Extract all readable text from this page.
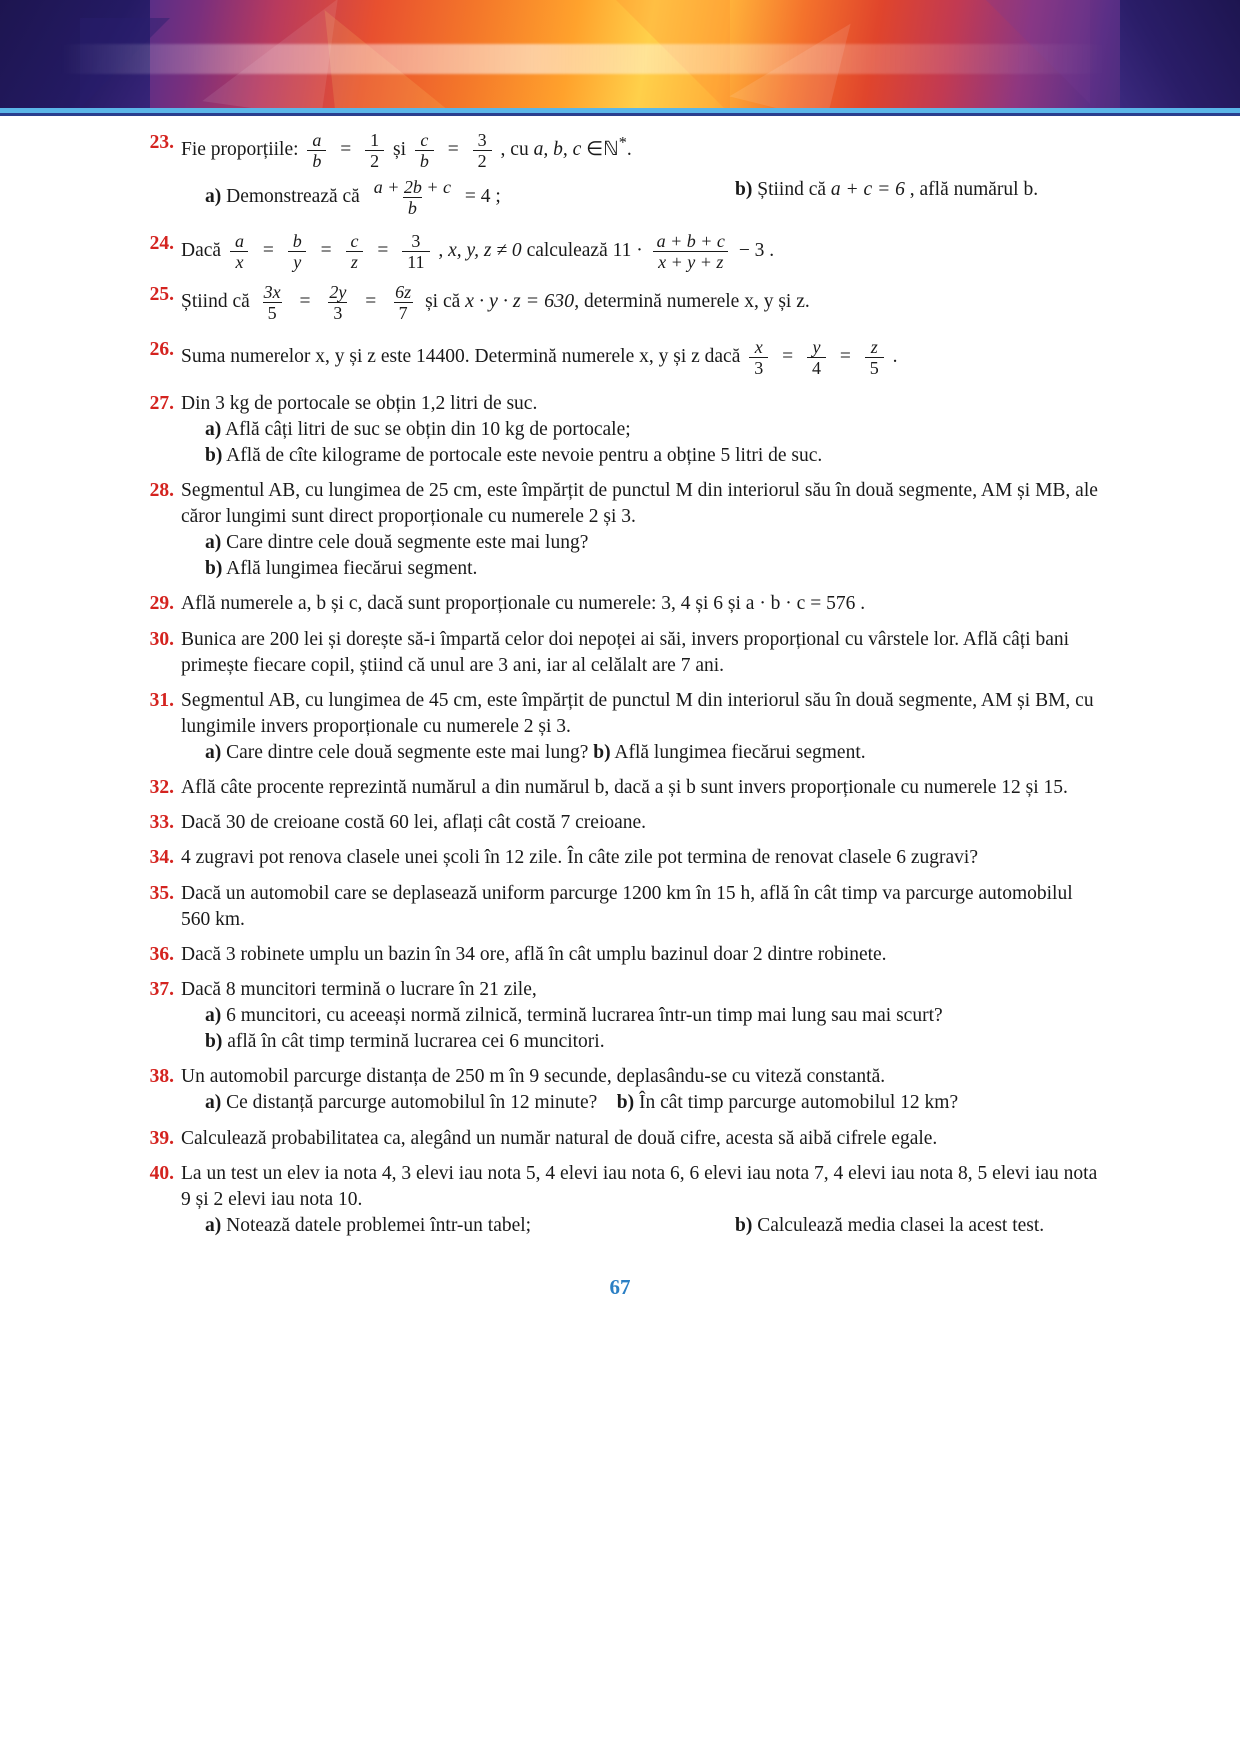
23. Fie proporțiile: $\frac{a}{b} = \frac{1}{2}$ și $\frac{c}{b} = \frac{3}{2}$ , cu a, b, c ∈ℕ*.
a) Demonstrează că $\frac{a + 2b + c}{b} = 4$ ;	b) Știind că a + c = 6 , află numărul b.
24. Dacă $\frac{a}{x} = \frac{b}{y} = \frac{c}{z} = \frac{3}{11}$ , x, y, z ≠ 0 calculează $11 \cdot \frac{a + b + c}{x + y + z} - 3$ .
25. Știind că $\frac{3x}{5} = \frac{2y}{3} = \frac{6z}{7}$ și că x · y · z = 630, determină numerele x, y și z.
26. Suma numerelor x, y și z este 14400. Determină numerele x, y și z dacă $\frac{x}{3} = \frac{y}{4} = \frac{z}{5}$ .
27. Din 3 kg de portocale se obțin 1,2 litri de suc.
a) Află câți litri de suc se obțin din 10 kg de portocale;
b) Află de cîte kilograme de portocale este nevoie pentru a obține 5 litri de suc.
28. Segmentul AB, cu lungimea de 25 cm, este împărțit de punctul M din interiorul său în două segmente, AM și MB, ale căror lungimi sunt direct proporționale cu numerele 2 și 3.
a) Care dintre cele două segmente este mai lung?
b) Află lungimea fiecărui segment.
29. Află numerele a, b și c, dacă sunt proporționale cu numerele: 3, 4 și 6 și a · b · c = 576 .
30. Bunica are 200 lei și dorește să-i împartă celor doi nepoței ai săi, invers proporțional cu vârstele lor. Află câți bani primește fiecare copil, știind că unul are 3 ani, iar al celălalt are 7 ani.
31. Segmentul AB, cu lungimea de 45 cm, este împărțit de punctul M din interiorul său în două segmente, AM și BM, cu lungimile invers proporționale cu numerele 2 și 3.
a) Care dintre cele două segmente este mai lung? b) Află lungimea fiecărui segment.
32. Află câte procente reprezintă numărul a din numărul b, dacă a și b sunt invers proporționale cu numerele 12 și 15.
33. Dacă 30 de creioane costă 60 lei, aflați cât costă 7 creioane.
34. 4 zugravi pot renova clasele unei școli în 12 zile. În câte zile pot termina de renovat clasele 6 zugravi?
35. Dacă un automobil care se deplasează uniform parcurge 1200 km în 15 h, află în cât timp va parcurge automobilul 560 km.
36. Dacă 3 robinete umplu un bazin în 34 ore, află în cât umplu bazinul doar 2 dintre robinete.
37. Dacă 8 muncitori termină o lucrare în 21 zile,
a) 6 muncitori, cu aceeași normă zilnică, termină lucrarea într-un timp mai lung sau mai scurt?
b) află în cât timp termină lucrarea cei 6 muncitori.
38. Un automobil parcurge distanța de 250 m în 9 secunde, deplasându-se cu viteză constantă.
a) Ce distanță parcurge automobilul în 12 minute? b) În cât timp parcurge automobilul 12 km?
39. Calculează probabilitatea ca, alegând un număr natural de două cifre, acesta să aibă cifrele egale.
40. La un test un elev ia nota 4, 3 elevi iau nota 5, 4 elevi iau nota 6, 6 elevi iau nota 7, 4 elevi iau nota 8, 5 elevi iau nota 9 și 2 elevi iau nota 10.
a) Notează datele problemei într-un tabel;	b) Calculează media clasei la acest test.
67
